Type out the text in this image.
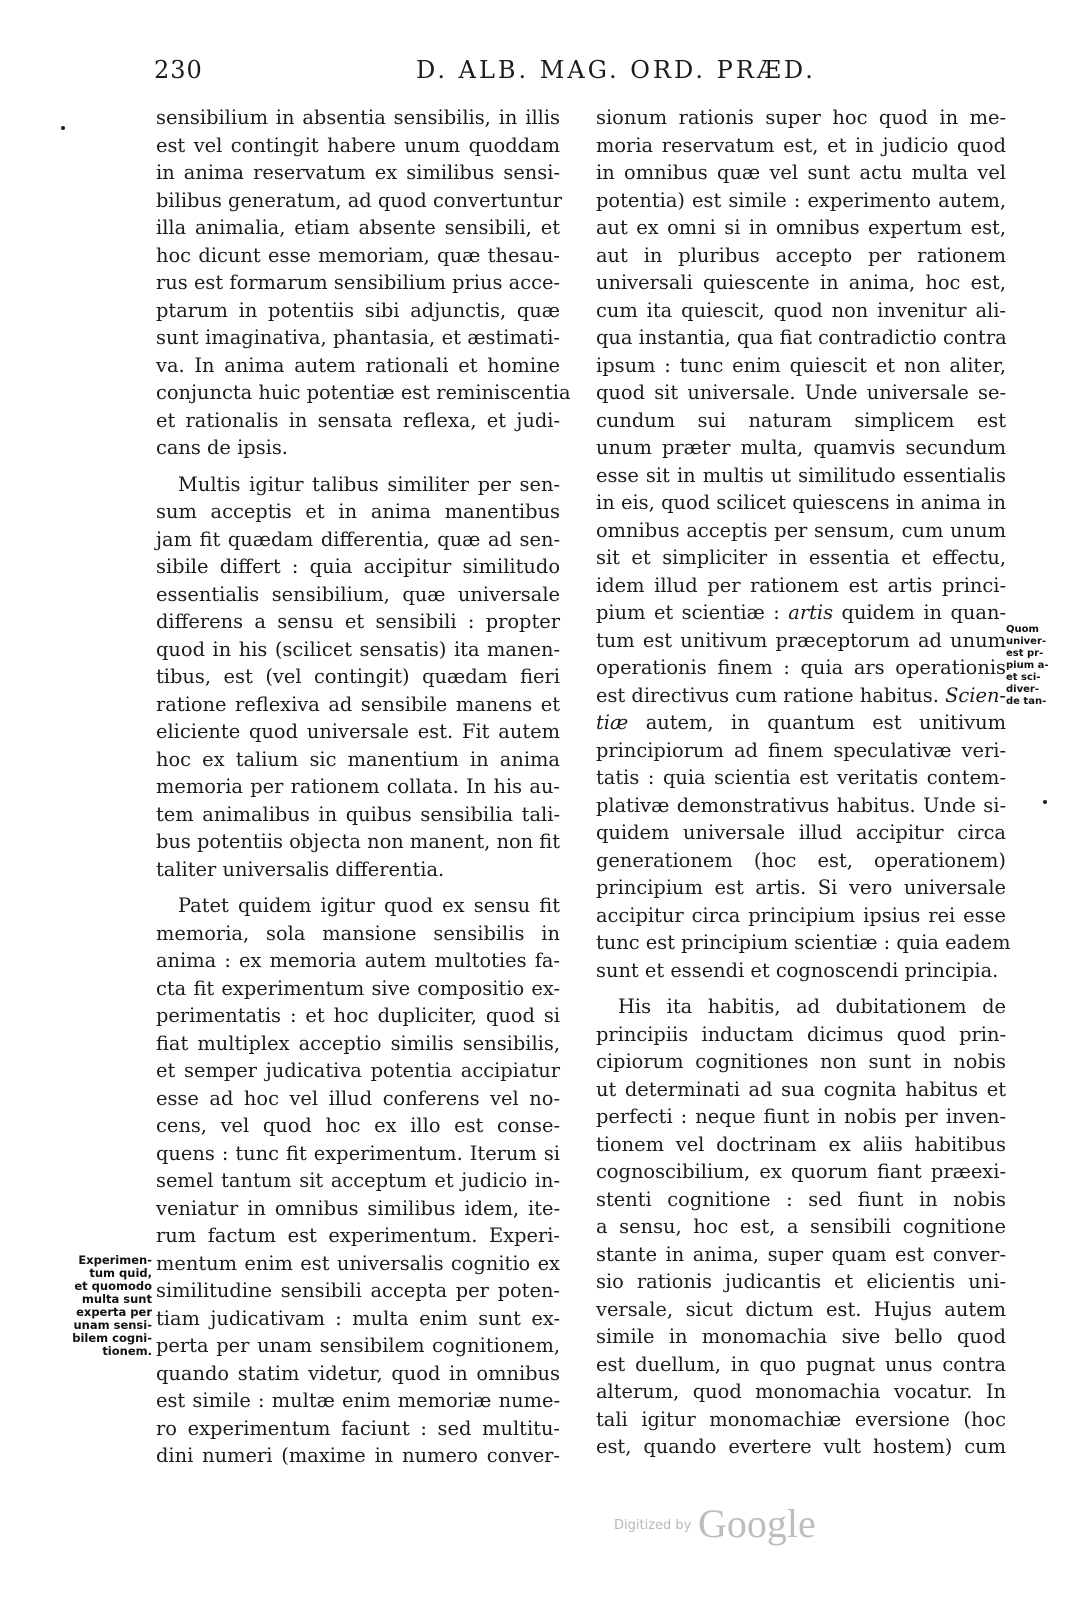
230	D. ALB. MAG. ORD. PRÆD.
sensibilium in absentia sensibilis, in illis
est vel contingit habere unum quoddam
in anima reservatum ex similibus sensi-
bilibus generatum, ad quod convertuntur
illa animalia, etiam absente sensibili, et
hoc dicunt esse memoriam, quæ thesau-
rus est formarum sensibilium prius acce-
ptarum in potentiis sibi adjunctis, quæ
sunt imaginativa, phantasia, et æstimati-
va. In anima autem rationali et homine
conjuncta huic potentiæ est reminiscentia
et rationalis in sensata reflexa, et judi-
cans de ipsis.
Multis igitur talibus similiter per sen-
sum acceptis et in anima manentibus
jam fit quædam differentia, quæ ad sen-
sibile differt : quia accipitur similitudo
essentialis sensibilium, quæ universale
differens a sensu et sensibili : propter
quod in his (scilicet sensatis) ita manen-
tibus, est (vel contingit) quædam fieri
ratione reflexiva ad sensibile manens et
eliciente quod universale est. Fit autem
hoc ex talium sic manentium in anima
memoria per rationem collata. In his au-
tem animalibus in quibus sensibilia tali-
bus potentiis objecta non manent, non fit
taliter universalis differentia.
Patet quidem igitur quod ex sensu fit
memoria, sola mansione sensibilis in
anima : ex memoria autem multoties fa-
cta fit experimentum sive compositio ex-
perimentatis : et hoc dupliciter, quod si
fiat multiplex acceptio similis sensibilis,
et semper judicativa potentia accipiatur
esse ad hoc vel illud conferens vel no-
cens, vel quod hoc ex illo est conse-
quens : tunc fit experimentum. Iterum si
semel tantum sit acceptum et judicio in-
veniatur in omnibus similibus idem, ite-
rum factum est experimentum. Experi-
mentum enim est universalis cognitio ex
similitudine sensibili accepta per poten-
tiam judicativam : multa enim sunt ex-
perta per unam sensibilem cognitionem,
quando statim videtur, quod in omnibus
est simile : multæ enim memoriæ nume-
ro experimentum faciunt : sed multitu-
dini numeri (maxime in numero conver-
sionum rationis super hoc quod in me-
moria reservatum est, et in judicio quod
in omnibus quæ vel sunt actu multa vel
potentia) est simile : experimento autem,
aut ex omni si in omnibus expertum est,
aut in pluribus accepto per rationem
universali quiescente in anima, hoc est,
cum ita quiescit, quod non invenitur ali-
qua instantia, qua fiat contradictio contra
ipsum : tunc enim quiescit et non aliter,
quod sit universale. Unde universale se-
cundum sui naturam simplicem est
unum præter multa, quamvis secundum
esse sit in multis ut similitudo essentialis
in eis, quod scilicet quiescens in anima in
omnibus acceptis per sensum, cum unum
sit et simpliciter in essentia et effectu,
idem illud per rationem est artis princi-
pium et scientiæ : artis quidem in quan-
tum est unitivum præceptorum ad unum
operationis finem : quia ars operationis
est directivus cum ratione habitus. Scien-
tiæ autem, in quantum est unitivum
principiorum ad finem speculativæ veri-
tatis : quia scientia est veritatis contem-
plativæ demonstrativus habitus. Unde si-
quidem universale illud accipitur circa
generationem (hoc est, operationem)
principium est artis. Si vero universale
accipitur circa principium ipsius rei esse
tunc est principium scientiæ : quia eadem
sunt et essendi et cognoscendi principia.
His ita habitis, ad dubitationem de
principiis inductam dicimus quod prin-
cipiorum cognitiones non sunt in nobis
ut determinati ad sua cognita habitus et
perfecti : neque fiunt in nobis per inven-
tionem vel doctrinam ex aliis habitibus
cognoscibilium, ex quorum fiant præexi-
stenti cognitione : sed fiunt in nobis
a sensu, hoc est, a sensibili cognitione
stante in anima, super quam est conver-
sio rationis judicantis et elicientis uni-
versale, sicut dictum est. Hujus autem
simile in monomachia sive bello quod
est duellum, in quo pugnat unus contra
alterum, quod monomachia vocatur. In
tali igitur monomachiæ eversione (hoc
est, quando evertere vult hostem) cum
Experimen-
tum quid,
et quomodo
multa sunt
experta per
unam sensi-
bilem cogni-
tionem.
Quom
univer-
est pr-
pium a-
et sci-
diver-
de tan-
Digitized by Google
